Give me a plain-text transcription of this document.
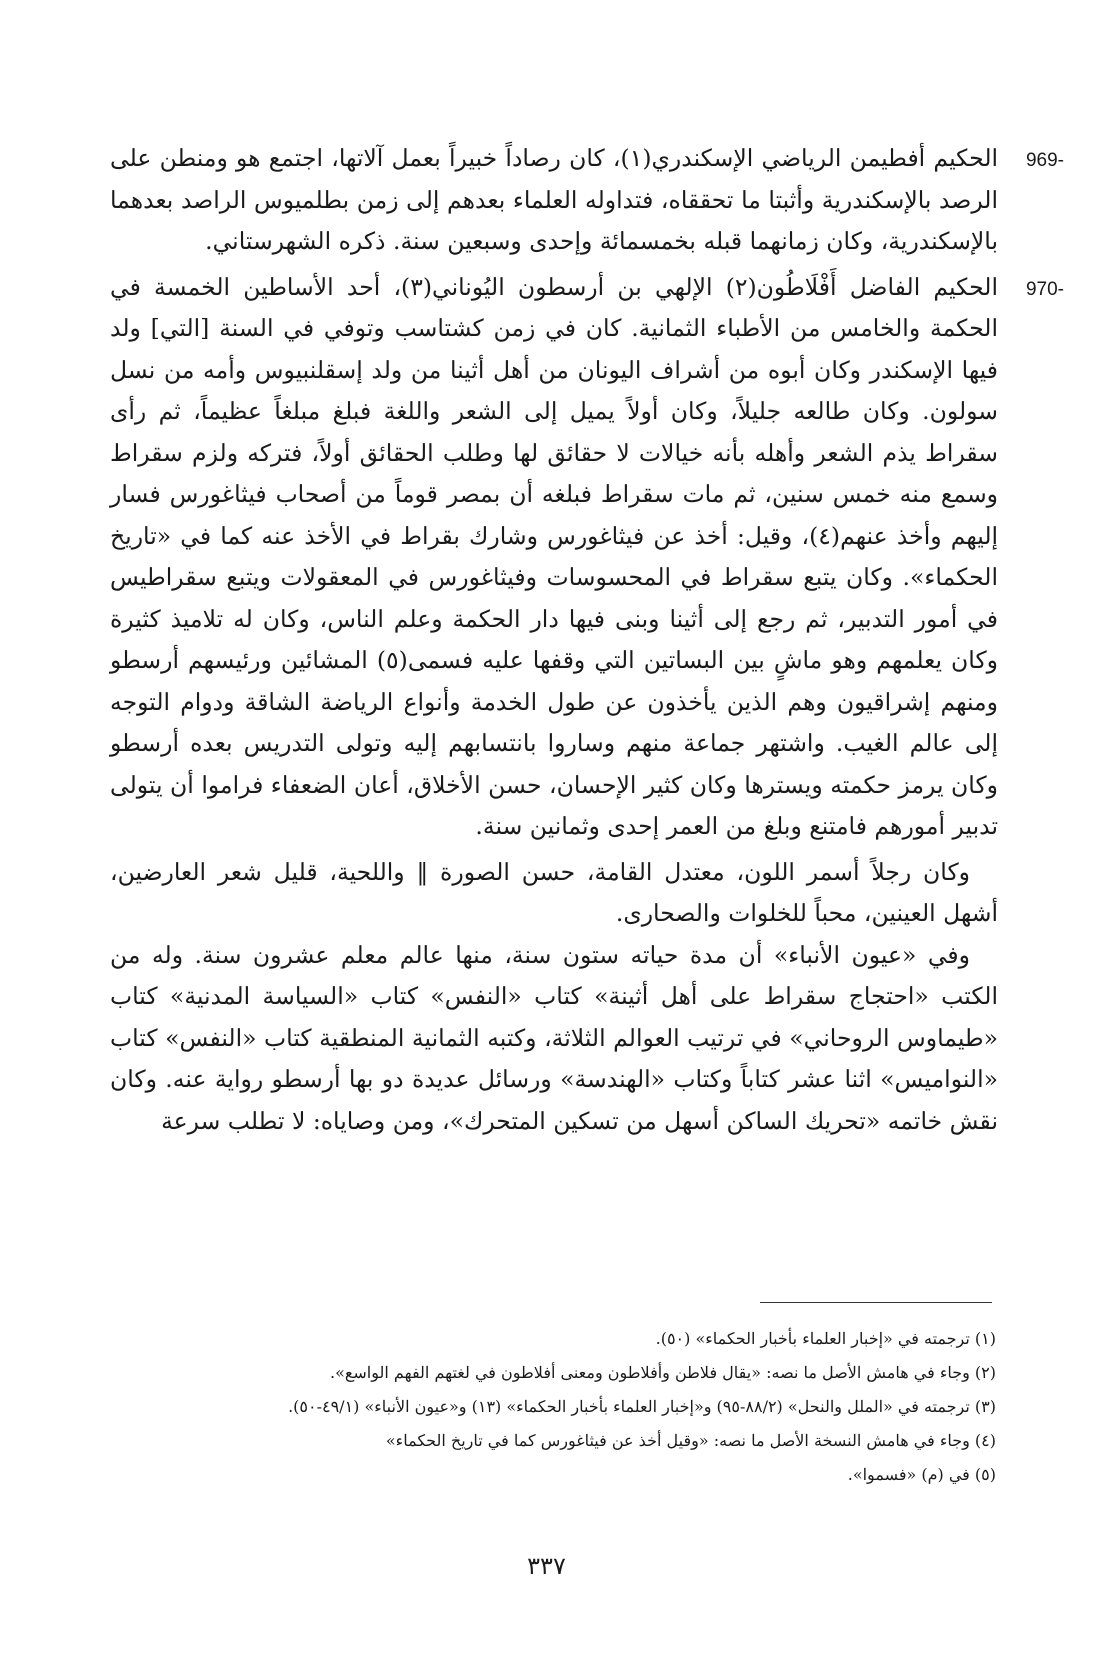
969-

الحكيم أفطيمن الرياضي الإسكندري(١)، كان رصاداً خبيراً بعمل آلاتها، اجتمع هو ومنطن على الرصد بالإسكندرية وأثبتا ما تحققاه، فتداوله العلماء بعدهم إلى زمن بطلميوس الراصد بعدهما بالإسكندرية، وكان زمانهما قبله بخمسمائة وإحدى وسبعين سنة. ذكره الشهرستاني.

970-

الحكيم الفاضل أَفْلَاطُون(٢) الإلهي بن أرسطون اليُوناني(٣)، أحد الأساطين الخمسة في الحكمة والخامس من الأطباء الثمانية. كان في زمن كشتاسب وتوفي في السنة [التي] ولد فيها الإسكندر وكان أبوه من أشراف اليونان من أهل أثينا من ولد إسقلنبيوس وأمه من نسل سولون. وكان طالعه جليلاً، وكان أولاً يميل إلى الشعر واللغة فبلغ مبلغاً عظيماً، ثم رأى سقراط يذم الشعر وأهله بأنه خيالات لا حقائق لها وطلب الحقائق أولاً، فتركه ولزم سقراط وسمع منه خمس سنين، ثم مات سقراط فبلغه أن بمصر قوماً من أصحاب فيثاغورس فسار إليهم وأخذ عنهم(٤)، وقيل: أخذ عن فيثاغورس وشارك بقراط في الأخذ عنه كما في «تاريخ الحكماء». وكان يتبع سقراط في المحسوسات وفيثاغورس في المعقولات ويتبع سقراطيس في أمور التدبير، ثم رجع إلى أثينا وبنى فيها دار الحكمة وعلم الناس، وكان له تلاميذ كثيرة وكان يعلمهم وهو ماشٍ بين البساتين التي وقفها عليه فسمى(٥) المشائين ورئيسهم أرسطو ومنهم إشراقيون وهم الذين يأخذون عن طول الخدمة وأنواع الرياضة الشاقة ودوام التوجه إلى عالم الغيب. واشتهر جماعة منهم وساروا بانتسابهم إليه وتولى التدريس بعده أرسطو وكان يرمز حكمته ويسترها وكان كثير الإحسان، حسن الأخلاق، أعان الضعفاء فراموا أن يتولى تدبير أمورهم فامتنع وبلغ من العمر إحدى وثمانين سنة.

وكان رجلاً أسمر اللون، معتدل القامة، حسن الصورة ‖ واللحية، قليل شعر العارضين، أشهل العينين، محباً للخلوات والصحارى.

وفي «عيون الأنباء» أن مدة حياته ستون سنة، منها عالم معلم عشرون سنة. وله من الكتب «احتجاج سقراط على أهل أثينة» كتاب «النفس» كتاب «السياسة المدنية» كتاب «طيماوس الروحاني» في ترتيب العوالم الثلاثة، وكتبه الثمانية المنطقية كتاب «النفس» كتاب «النواميس» اثنا عشر كتاباً وكتاب «الهندسة» ورسائل عديدة دو بها أرسطو رواية عنه. وكان نقش خاتمه «تحريك الساكن أسهل من تسكين المتحرك»، ومن وصاياه: لا تطلب سرعة

(١) ترجمته في «إخبار العلماء بأخبار الحكماء» (٥٠).
(٢) وجاء في هامش الأصل ما نصه: «يقال فلاطن وأفلاطون ومعنى أفلاطون في لغتهم الفهم الواسع».
(٣) ترجمته في «الملل والنحل» (٨٨/٢-٩٥) و«إخبار العلماء بأخبار الحكماء» (١٣) و«عيون الأنباء» (٤٩/١-٥٠).
(٤) وجاء في هامش النسخة الأصل ما نصه: «وقيل أخذ عن فيثاغورس كما في تاريخ الحكماء»
(٥) في (م) «فسموا».
٣٣٧
